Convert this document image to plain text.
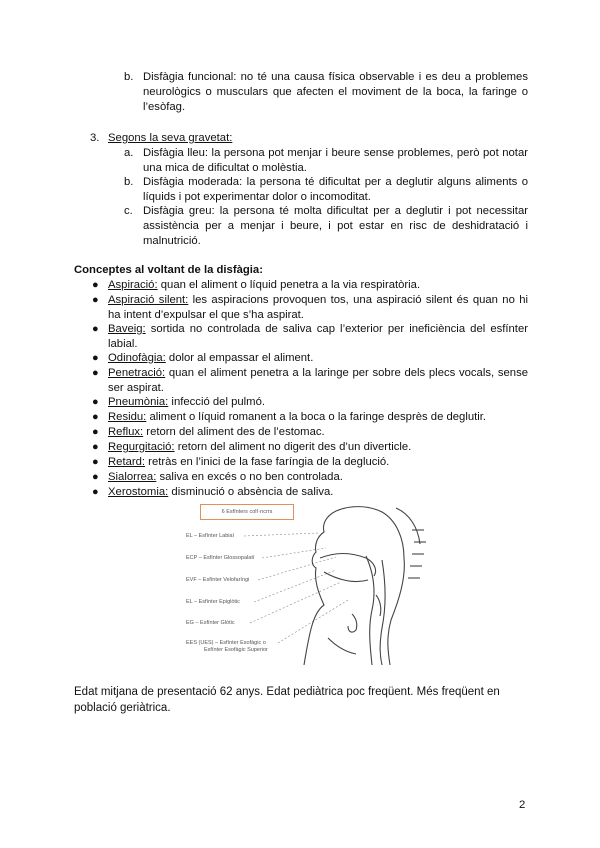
b. Disfàgia funcional: no té una causa física observable i es deu a problemes neurològics o musculars que afecten el moviment de la boca, la faringe o l’esòfag.
3. Segons la seva gravetat:
a. Disfàgia lleu: la persona pot menjar i beure sense problemes, però pot notar una mica de dificultat o molèstia.
b. Disfàgia moderada: la persona té dificultat per a deglutir alguns aliments o líquids i pot experimentar dolor o incomoditat.
c. Disfàgia greu: la persona té molta dificultat per a deglutir i pot necessitar assistència per a menjar i beure, i pot estar en risc de deshidratació i malnutrició.
Conceptes al voltant de la disfàgia:
● Aspiració: quan el aliment o líquid penetra a la via respiratòria.
● Aspiració silent: les aspiracions provoquen tos, una aspiració silent és quan no hi ha intent d’expulsar el que s’ha aspirat.
● Baveig: sortida no controlada de saliva cap l’exterior per ineficiència del esfínter labial.
● Odinofàgia: dolor al empassar el aliment.
● Penetració: quan el aliment penetra a la laringe per sobre dels plecs vocals, sense ser aspirat.
● Pneumònia: infecció del pulmó.
● Residu: aliment o líquid romanent a la boca o la faringe desprès de deglutir.
● Reflux: retorn del aliment des de l’estomac.
● Regurgitació: retorn del aliment no digerit des d’un diverticle.
● Retard: retràs en l’inici de la fase faríngia de la deglució.
● Sialorrea: saliva en excés o no ben controlada.
● Xerostomia: disminució o absència de saliva.
6 Esfínters coŀl·ncrrs
EL – Esfínter Labial
ECP – Esfínter Glossopalatí
EVF – Esfínter Velofaríngi
EL – Esfínter Epiglòtic
EG – Esfínter Glòtic
EES (UES) – Esfínter Esofàgic o
Esfínter Esofàgic Superior
Edat mitjana de presentació 62 anys. Edat pediàtrica poc freqüent. Més freqüent en població geriàtrica.
2
